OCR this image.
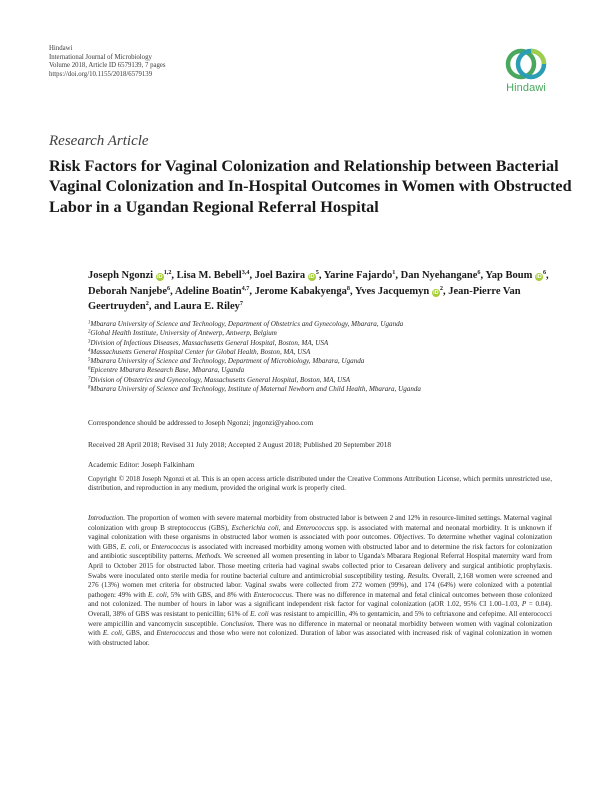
Hindawi
International Journal of Microbiology
Volume 2018, Article ID 6579139, 7 pages
https://doi.org/10.1155/2018/6579139
Hindawi
Research Article
Risk Factors for Vaginal Colonization and Relationship between Bacterial Vaginal Colonization and In-Hospital Outcomes in Women with Obstructed Labor in a Ugandan Regional Referral Hospital
Joseph Ngonzi iD$^{1,2}$, Lisa M. Bebell$^{3,4}$, Joel Bazira $iD^5$, Yarine Fajardo$^1$, Dan Nyehangane$^6$, Yap Boum $iD^6$, Deborah Nanjebe$^6$, Adeline Boatin$^{4,7}$, Jerome Kabakyenga$^8$, Yves Jacquemyn $iD^2$, Jean-Pierre Van Geertruyden$^2$, and Laura E. Riley$^7$
$^1$Mbarara University of Science and Technology, Department of Obstetrics and Gynecology, Mbarara, Uganda
$^2$Global Health Institute, University of Antwerp, Antwerp, Belgium
$^3$Division of Infectious Diseases, Massachusetts General Hospital, Boston, MA, USA
$^4$Massachusetts General Hospital Center for Global Health, Boston, MA, USA
$^5$Mbarara University of Science and Technology, Department of Microbiology, Mbarara, Uganda
$^6$Epicentre Mbarara Research Base, Mbarara, Uganda
$^7$Division of Obstetrics and Gynecology, Massachusetts General Hospital, Boston, MA, USA
$^8$Mbarara University of Science and Technology, Institute of Maternal Newborn and Child Health, Mbarara, Uganda
Correspondence should be addressed to Joseph Ngonzi; jngonzi@yahoo.com
Received 28 April 2018; Revised 31 July 2018; Accepted 2 August 2018; Published 20 September 2018
Academic Editor: Joseph Falkinham
Copyright © 2018 Joseph Ngonzi et al. This is an open access article distributed under the Creative Commons Attribution License, which permits unrestricted use, distribution, and reproduction in any medium, provided the original work is properly cited.
Introduction. The proportion of women with severe maternal morbidity from obstructed labor is between 2 and 12% in resource-limited settings. Maternal vaginal colonization with group B streptococcus (GBS), Escherichia coli, and Enterococcus spp. is associated with maternal and neonatal morbidity. It is unknown if vaginal colonization with these organisms in obstructed labor women is associated with poor outcomes. Objectives. To determine whether vaginal colonization with GBS, E. coli, or Enterococcus is associated with increased morbidity among women with obstructed labor and to determine the risk factors for colonization and antibiotic susceptibility patterns. Methods. We screened all women presenting in labor to Uganda's Mbarara Regional Referral Hospital maternity ward from April to October 2015 for obstructed labor. Those meeting criteria had vaginal swabs collected prior to Cesarean delivery and surgical antibiotic prophylaxis. Swabs were inoculated onto sterile media for routine bacterial culture and antimicrobial susceptibility testing. Results. Overall, 2,168 women were screened and 276 (13%) women met criteria for obstructed labor. Vaginal swabs were collected from 272 women (99%), and 174 (64%) were colonized with a potential pathogen: 49% with E. coli, 5% with GBS, and 8% with Enterococcus. There was no difference in maternal and fetal clinical outcomes between those colonized and not colonized. The number of hours in labor was a significant independent risk factor for vaginal colonization (aOR 1.02, 95% CI 1.00–1.03, P = 0.04). Overall, 38% of GBS was resistant to penicillin; 61% of E. coli was resistant to ampicillin, 4% to gentamicin, and 5% to ceftriaxone and cefepime. All enterococci were ampicillin and vancomycin susceptible. Conclusion. There was no difference in maternal or neonatal morbidity between women with vaginal colonization with E. coli, GBS, and Enterococcus and those who were not colonized. Duration of labor was associated with increased risk of vaginal colonization in women with obstructed labor.
